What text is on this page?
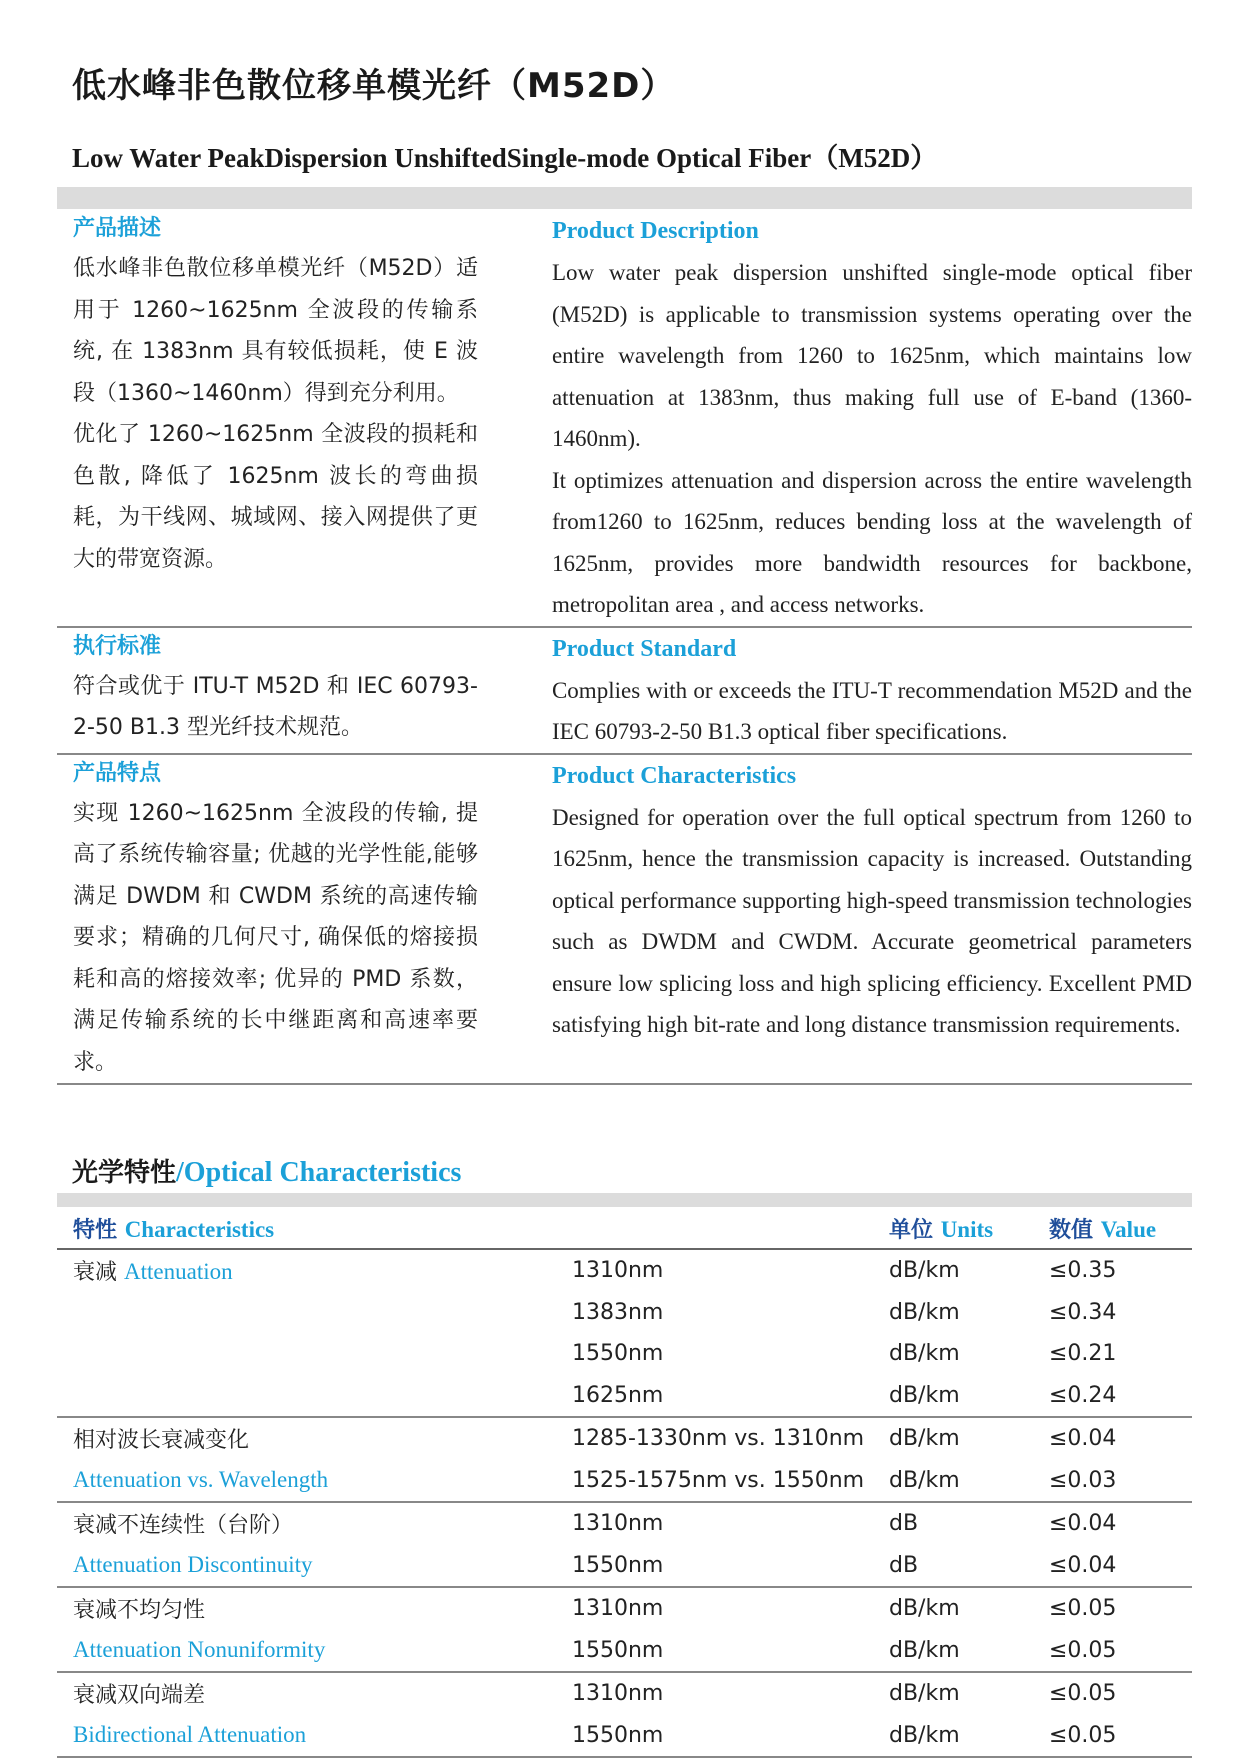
低水峰非色散位移单模光纤（M52D）
Low Water PeakDispersion UnshiftedSingle-mode Optical Fiber（M52D）
产品描述

低水峰非色散位移单模光纤（M52D）适用于 1260~1625nm 全波段的传输系统, 在 1383nm 具有较低损耗，使 E 波段（1360~1460nm）得到充分利用。

优化了 1260~1625nm 全波段的损耗和色散, 降低了 1625nm 波长的弯曲损耗，为干线网、城域网、接入网提供了更大的带宽资源。

Product Description

Low water peak dispersion unshifted single-mode optical fiber (M52D) is applicable to transmission systems operating over the entire wavelength from 1260 to 1625nm, which maintains low attenuation at 1383nm, thus making full use of E-band (1360-1460nm).

It optimizes attenuation and dispersion across the entire wavelength from1260 to 1625nm, reduces bending loss at the wavelength of 1625nm, provides more bandwidth resources for backbone, metropolitan area , and access networks.

执行标准

符合或优于 ITU-T M52D 和 IEC 60793-2-50 B1.3 型光纤技术规范。

Product Standard

Complies with or exceeds the ITU-T recommendation M52D and the IEC 60793-2-50 B1.3 optical fiber specifications.

产品特点

实现 1260~1625nm 全波段的传输, 提高了系统传输容量; 优越的光学性能,能够满足 DWDM 和 CWDM 系统的高速传输要求；精确的几何尺寸, 确保低的熔接损耗和高的熔接效率; 优异的 PMD 系数，满足传输系统的长中继距离和高速率要求。

Product Characteristics

Designed for operation over the full optical spectrum from 1260 to 1625nm, hence the transmission capacity is increased. Outstanding optical performance supporting high-speed transmission technologies such as DWDM and CWDM. Accurate geometrical parameters ensure low splicing loss and high splicing efficiency. Excellent PMD satisfying high bit-rate and long distance transmission requirements.

光学特性/Optical Characteristics
特性 Characteristics	单位 Units	数值 Value
衰减 Attenuation	1310nm	dB/km	≤0.35
1383nm	dB/km	≤0.34
1550nm	dB/km	≤0.21
1625nm	dB/km	≤0.24
相对波长衰减变化	1285-1330nm vs. 1310nm	dB/km	≤0.04
Attenuation vs. Wavelength	1525-1575nm vs. 1550nm	dB/km	≤0.03
衰减不连续性（台阶）	1310nm	dB	≤0.04
Attenuation Discontinuity	1550nm	dB	≤0.04
衰减不均匀性	1310nm	dB/km	≤0.05
Attenuation Nonuniformity	1550nm	dB/km	≤0.05
衰减双向端差	1310nm	dB/km	≤0.05
Bidirectional Attenuation	1550nm	dB/km	≤0.05
